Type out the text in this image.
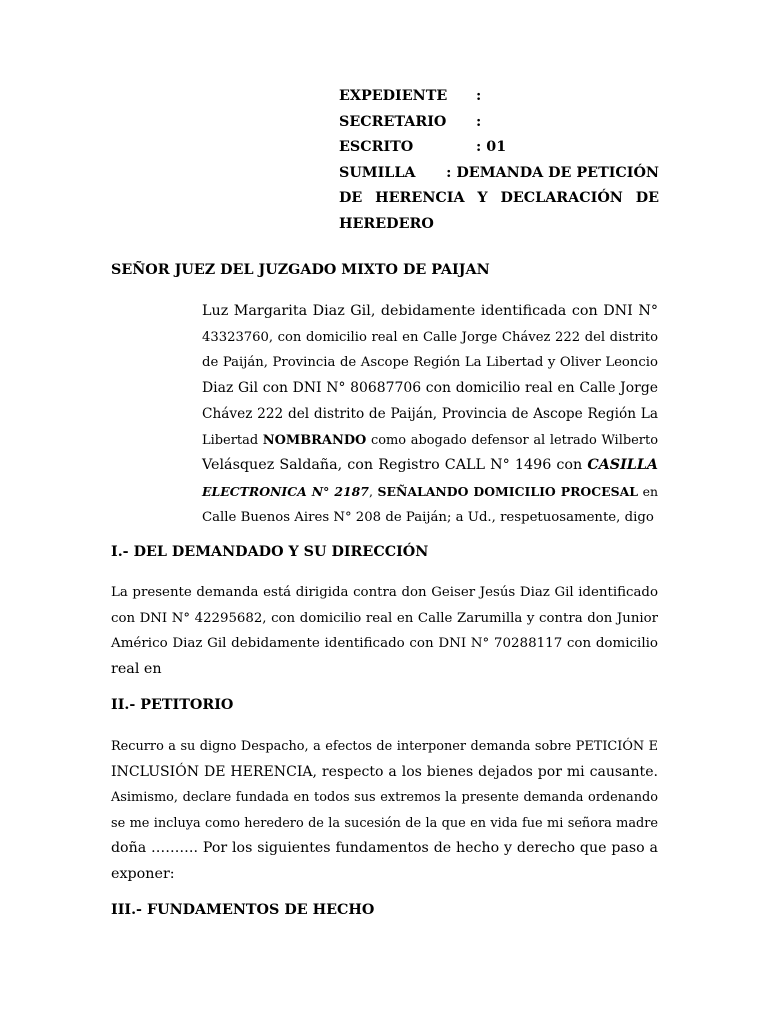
EXPEDIENTE	:
SECRETARIO	:
ESCRITO	: 01
SUMILLA	: DEMANDA DE PETICIÓN
DE HERENCIA Y DECLARACIÓN DE
HEREDERO
SEÑOR JUEZ DEL JUZGADO MIXTO DE PAIJAN
Luz Margarita Diaz Gil, debidamente identificada con DNI N°
43323760, con domicilio real en Calle Jorge Chávez 222 del distrito
de Paiján, Provincia de Ascope Región La Libertad y Oliver Leoncio
Diaz Gil con DNI N° 80687706 con domicilio real en Calle Jorge
Chávez 222 del distrito de Paiján, Provincia de Ascope Región La
Libertad NOMBRANDO como abogado defensor al letrado Wilberto
Velásquez Saldaña, con Registro CALL N° 1496 con CASILLA
ELECTRONICA N° 2187, SEÑALANDO DOMICILIO PROCESAL en
Calle Buenos Aires N° 208 de Paiján; a Ud., respetuosamente, digo
I.- DEL DEMANDADO Y SU DIRECCIÓN
La presente demanda está dirigida contra don Geiser Jesús Diaz Gil identificado
con DNI N° 42295682, con domicilio real en Calle Zarumilla y contra don Junior
Américo Diaz Gil debidamente identificado con DNI N° 70288117 con domicilio
real en
II.- PETITORIO
Recurro a su digno Despacho, a efectos de interponer demanda sobre PETICIÓN E
INCLUSIÓN DE HERENCIA, respecto a los bienes dejados por mi causante.
Asimismo, declare fundada en todos sus extremos la presente demanda ordenando
se me incluya como heredero de la sucesión de la que en vida fue mi señora madre
doña ………. Por los siguientes fundamentos de hecho y derecho que paso a
exponer:
III.- FUNDAMENTOS DE HECHO
